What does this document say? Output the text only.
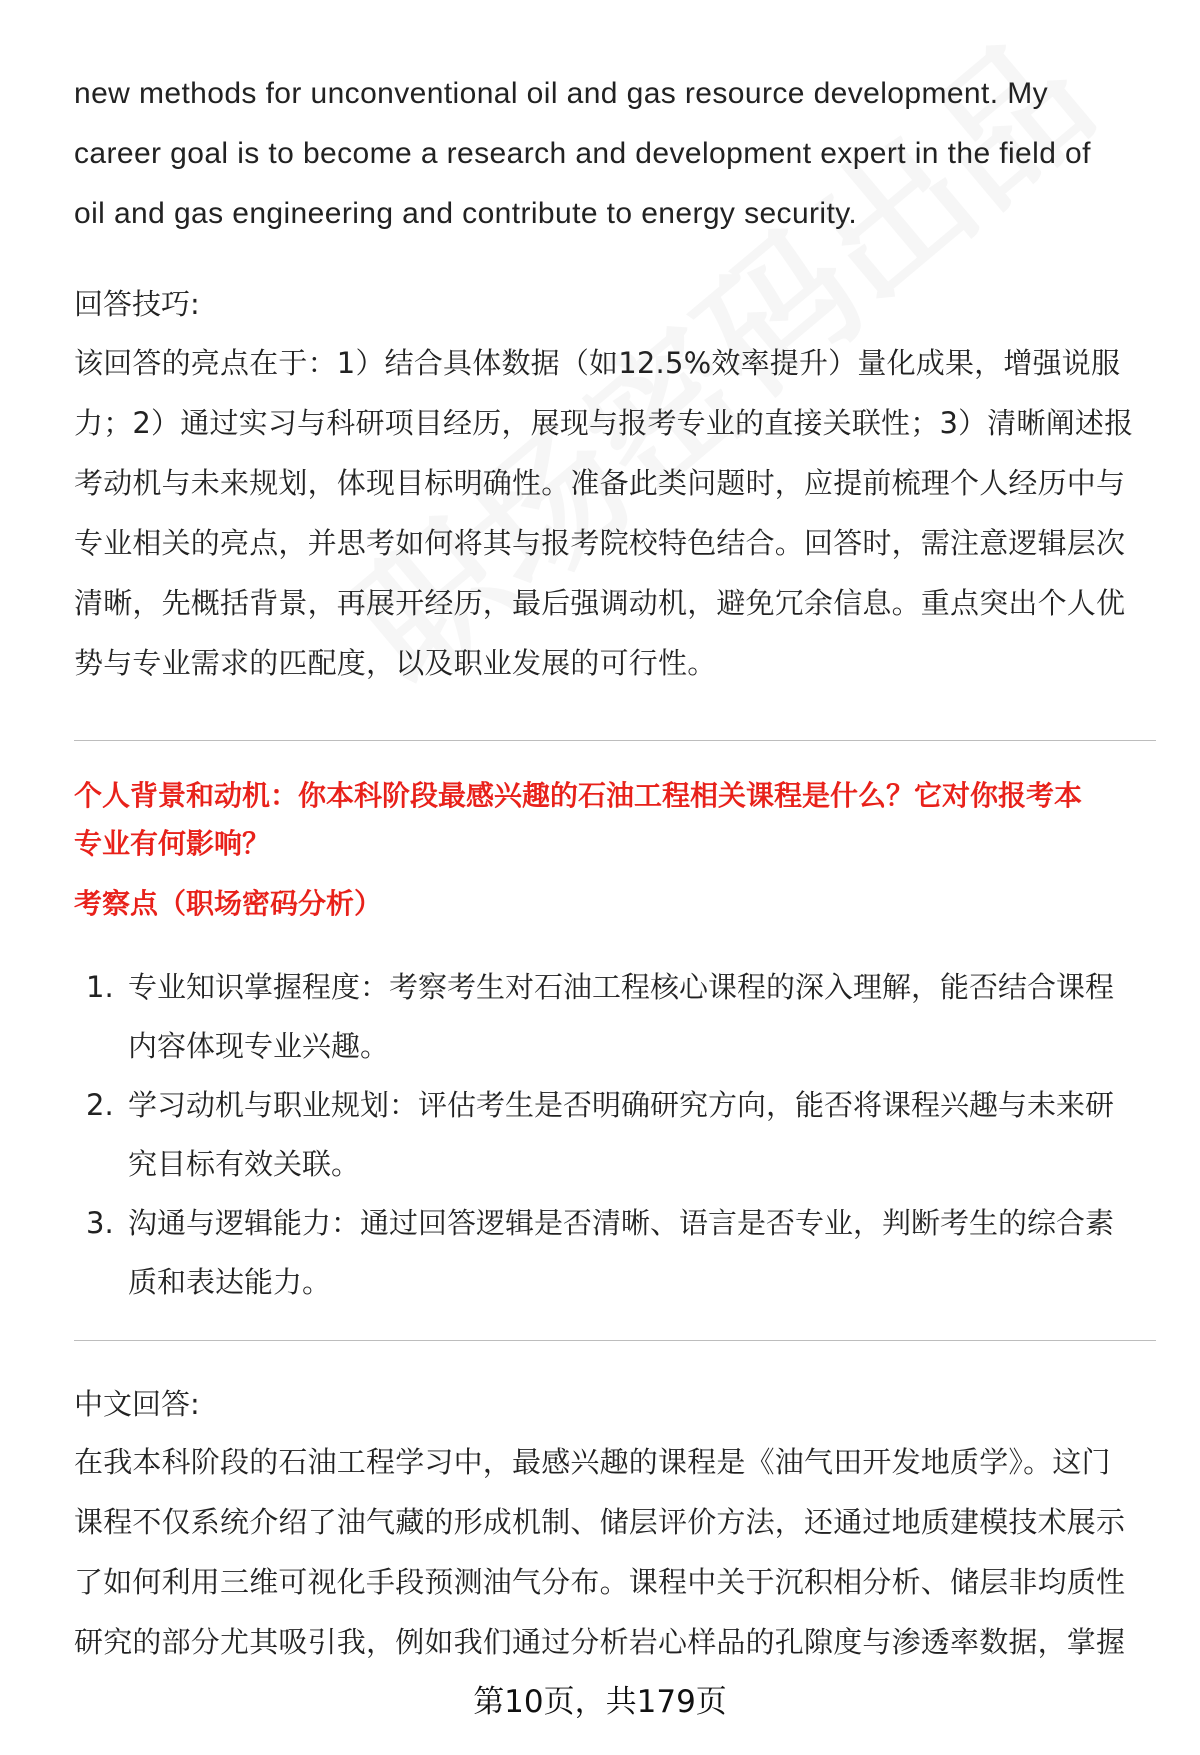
new methods for unconventional oil and gas resource development. My

career goal is to become a research and development expert in the field of

oil and gas engineering and contribute to energy security.

回答技巧:

该回答的亮点在于：1）结合具体数据（如12.5%效率提升）量化成果，增强说服

力；2）通过实习与科研项目经历，展现与报考专业的直接关联性；3）清晰阐述报

考动机与未来规划，体现目标明确性。准备此类问题时，应提前梳理个人经历中与

专业相关的亮点，并思考如何将其与报考院校特色结合。回答时，需注意逻辑层次

清晰，先概括背景，再展开经历，最后强调动机，避免冗余信息。重点突出个人优

势与专业需求的匹配度，以及职业发展的可行性。

个人背景和动机：你本科阶段最感兴趣的石油工程相关课程是什么？它对你报考本
专业有何影响？
考察点（职场密码分析）
1. 专业知识掌握程度：考察考生对石油工程核心课程的深入理解，能否结合课程
内容体现专业兴趣。
2. 学习动机与职业规划：评估考生是否明确研究方向，能否将课程兴趣与未来研
究目标有效关联。
3. 沟通与逻辑能力：通过回答逻辑是否清晰、语言是否专业，判断考生的综合素
质和表达能力。
中文回答:

在我本科阶段的石油工程学习中，最感兴趣的课程是《油气田开发地质学》。这门

课程不仅系统介绍了油气藏的形成机制、储层评价方法，还通过地质建模技术展示

了如何利用三维可视化手段预测油气分布。课程中关于沉积相分析、储层非均质性

研究的部分尤其吸引我，例如我们通过分析岩心样品的孔隙度与渗透率数据，掌握

第10页，共179页
